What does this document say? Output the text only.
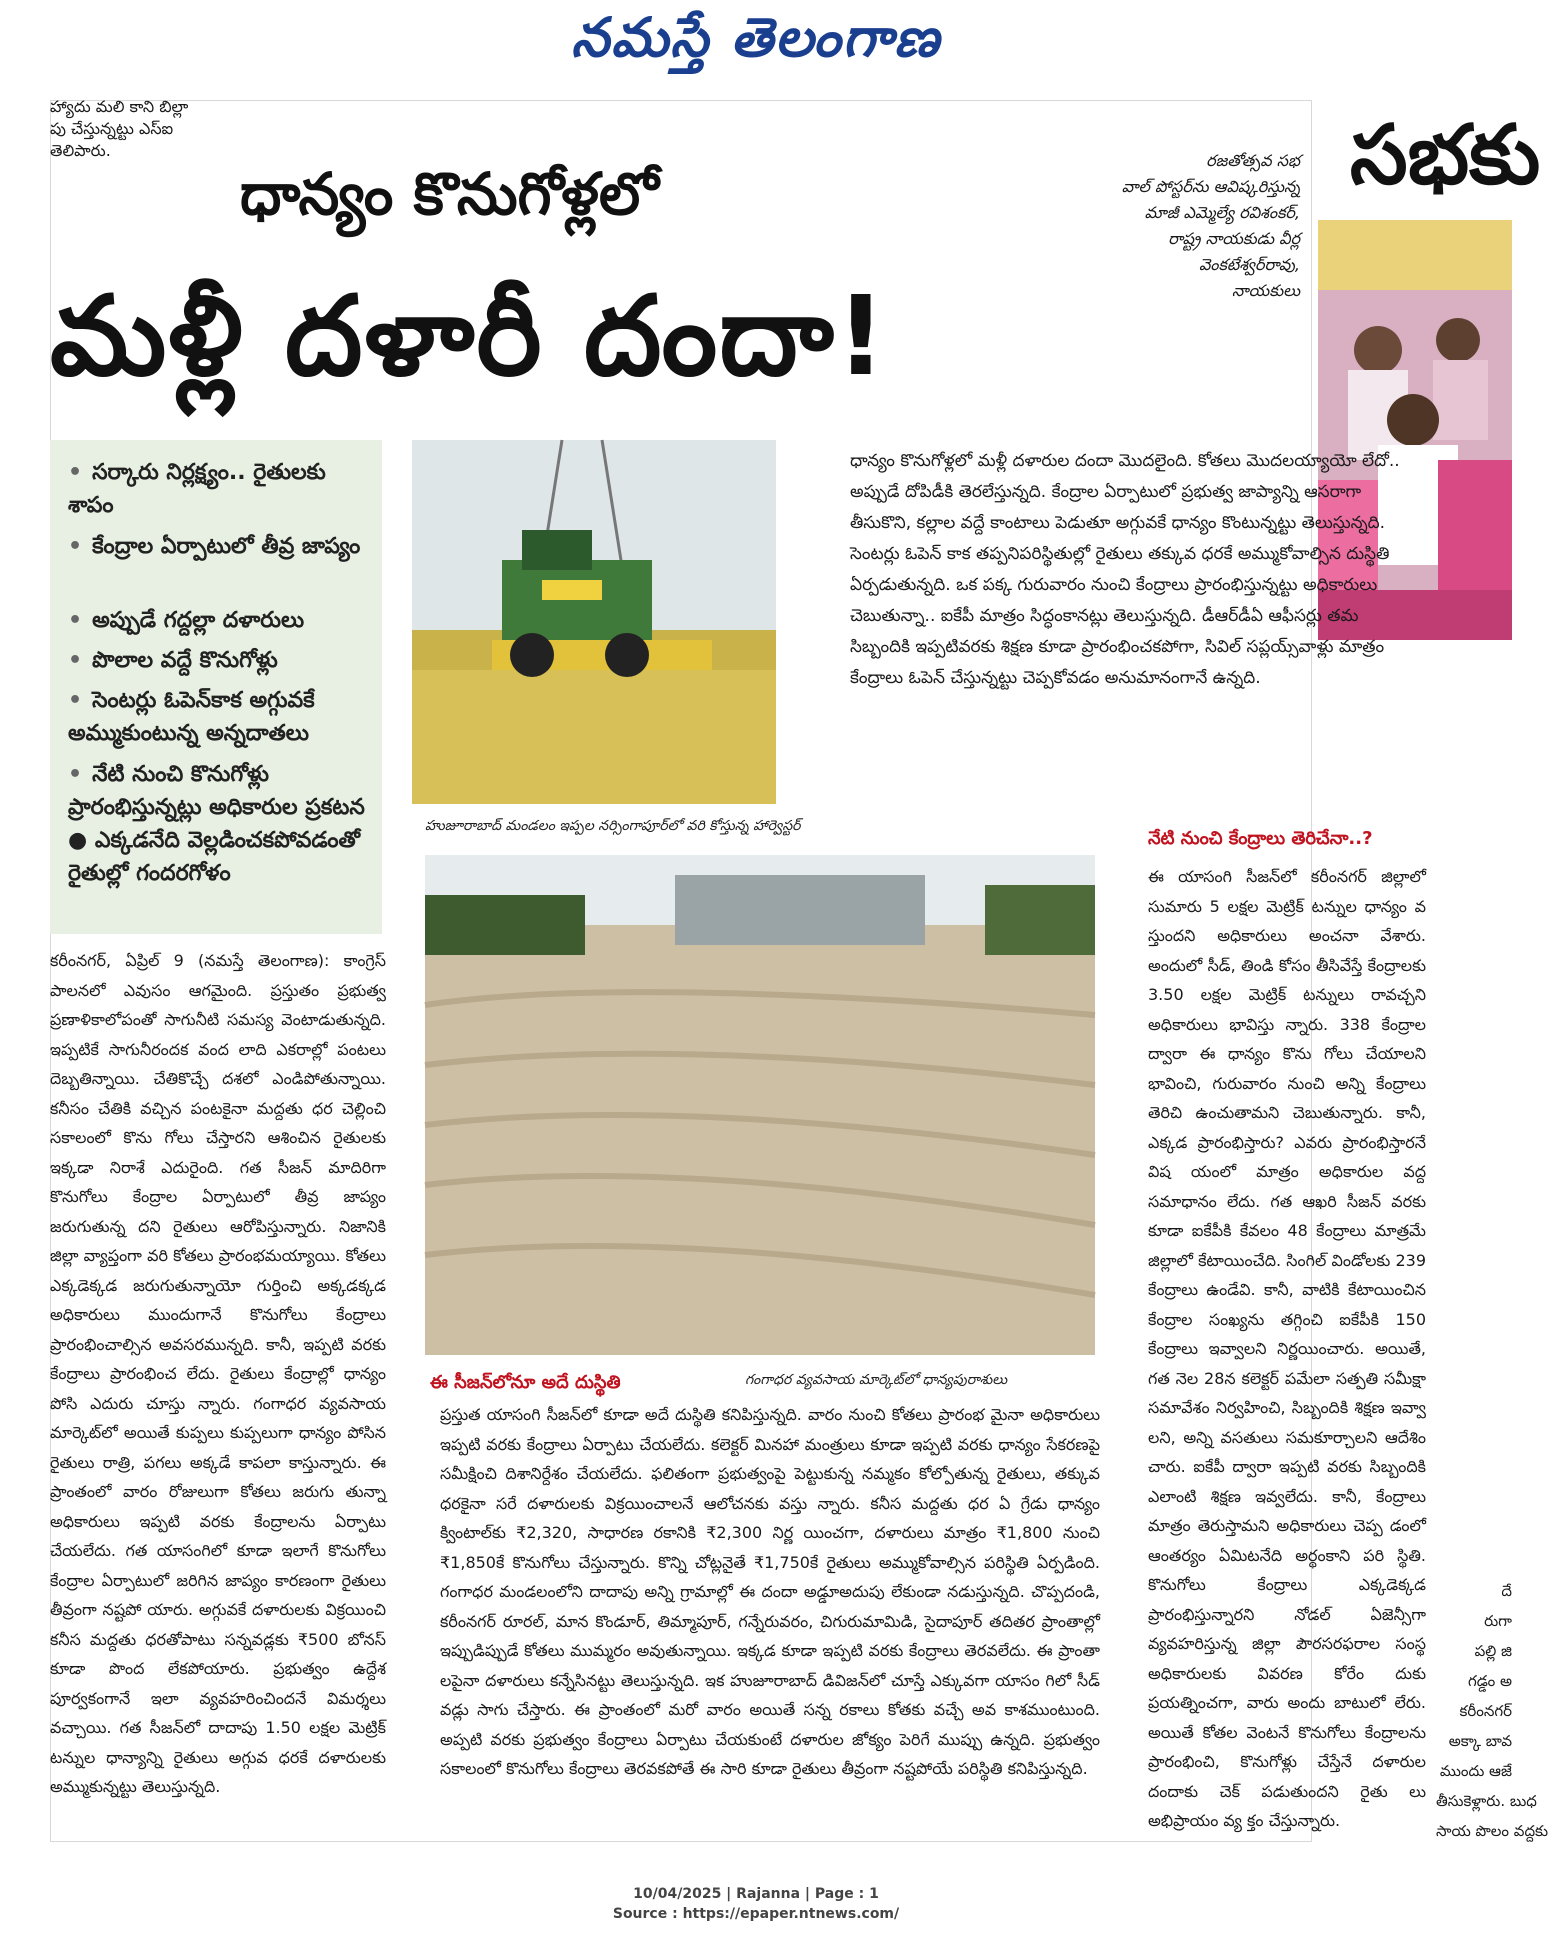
నమస్తే తెలంగాణ
హ్యాదు మలి కాని బిల్లా
పు చేస్తున్నట్టు ఎస్ఐ
తెలిపారు.
ధాన్యం కొనుగోళ్లలో
మళ్లీ దళారీ దందా!
రజతోత్సవ సభ
వాల్ పోస్టర్‌ను ఆవిష్కరిస్తున్న
మాజీ ఎమ్మెల్యే రవిశంకర్,
రాష్ట్ర నాయకుడు వీర్ల
వెంకటేశ్వర్‌రావు,
నాయకులు
సభకు
• సర్కారు నిర్లక్ష్యం.. రైతులకు శాపం
• కేంద్రాల ఏర్పాటులో తీవ్ర జాప్యం
• అప్పుడే గద్దల్లా దళారులు
• పొలాల వద్దే కొనుగోళ్లు
• సెంటర్లు ఓపెన్‌కాక అగ్గువకే అమ్ముకుంటున్న అన్నదాతలు
• నేటి నుంచి కొనుగోళ్లు ప్రారంభిస్తున్నట్లు అధికారుల ప్రకటన ● ఎక్కడనేది వెల్లడించకపోవడంతో రైతుల్లో గందరగోళం
ధాన్యం కొనుగోళ్లలో మళ్లీ దళారుల దందా మొదలైంది. కోతలు మొదలయ్యాయో లేదో.. అప్పుడే దోపిడీకి తెరలేస్తున్నది. కేంద్రాల ఏర్పాటులో ప్రభుత్వ జాప్యాన్ని ఆసరాగా తీసుకొని, కల్లాల వద్దే కాంటాలు పెడుతూ అగ్గువకే ధాన్యం కొంటున్నట్టు తెలుస్తున్నది. సెంటర్లు ఓపెన్ కాక తప్పనిపరిస్థితుల్లో రైతులు తక్కువ ధరకే అమ్ముకోవాల్సిన దుస్థితి ఏర్పడుతున్నది. ఒక పక్క గురువారం నుంచి కేంద్రాలు ప్రారంభిస్తున్నట్టు అధికారులు చెబుతున్నా.. ఐకేపీ మాత్రం సిద్ధంకానట్లు తెలుస్తున్నది. డీఆర్‌డీఏ ఆఫీసర్లు తమ సిబ్బందికి ఇప్పటివరకు శిక్షణ కూడా ప్రారంభించకపోగా, సివిల్ సప్లయ్స్‌వాళ్లు మాత్రం కేంద్రాలు ఓపెన్ చేస్తున్నట్టు చెప్పకోవడం అనుమానంగానే ఉన్నది.
హుజూరాబాద్ మండలం ఇప్పల నర్సింగాపూర్‌లో వరి కోస్తున్న హార్వెస్టర్
గంగాధర వ్యవసాయ మార్కెట్‌లో ధాన్యపురాశులు
నేటి నుంచి కేంద్రాలు తెరిచేనా..?
ఈ సీజన్‌లోనూ అదే దుస్థితి
కరీంనగర్, ఏప్రిల్ 9 (నమస్తే తెలంగాణ): కాంగ్రెస్ పాలనలో ఎవుసం ఆగమైంది. ప్రస్తుతం ప్రభుత్వ ప్రణాళికాలోపంతో సాగునీటి సమస్య వెంటాడుతున్నది. ఇప్పటికే సాగునీరందక వంద లాది ఎకరాల్లో పంటలు దెబ్బతిన్నాయి. చేతికొచ్చే దశలో ఎండిపోతున్నాయి. కనీసం చేతికి వచ్చిన పంటకైనా మద్దతు ధర చెల్లించి సకాలంలో కొను గోలు చేస్తారని ఆశించిన రైతులకు ఇక్కడా నిరాశే ఎదురైంది. గత సీజన్ మాదిరిగా కొనుగోలు కేంద్రాల ఏర్పాటులో తీవ్ర జాప్యం జరుగుతున్న దని రైతులు ఆరోపిస్తున్నారు. నిజానికి జిల్లా వ్యాప్తంగా వరి కోతలు ప్రారంభమయ్యాయి. కోతలు ఎక్కడెక్కడ జరుగుతున్నాయో గుర్తించి అక్కడక్కడ అధికారులు ముందుగానే కొనుగోలు కేంద్రాలు ప్రారంభించాల్సిన అవసరమున్నది. కానీ, ఇప్పటి వరకు కేంద్రాలు ప్రారంభించ లేదు. రైతులు కేంద్రాల్లో ధాన్యం పోసి ఎదురు చూస్తు న్నారు. గంగాధర వ్యవసాయ మార్కెట్‌లో అయితే కుప్పలు కుప్పలుగా ధాన్యం పోసిన రైతులు రాత్రి, పగలు అక్కడే కాపలా కాస్తున్నారు. ఈ ప్రాంతంలో వారం రోజులుగా కోతలు జరుగు తున్నా అధికారులు ఇప్పటి వరకు కేంద్రాలను ఏర్పాటు చేయలేదు. గత యాసంగిలో కూడా ఇలాగే కొనుగోలు కేంద్రాల ఏర్పాటులో జరిగిన జాప్యం కారణంగా రైతులు తీవ్రంగా నష్టపో యారు. అగ్గువకే దళారులకు విక్రయించి కనీస మద్దతు ధరతోపాటు సన్నవడ్లకు ₹500 బోనస్ కూడా పొంద లేకపోయారు. ప్రభుత్వం ఉద్దేశ పూర్వకంగానే ఇలా వ్యవహరించిందనే విమర్శలు వచ్చాయి. గత సీజన్‌లో దాదాపు 1.50 లక్షల మెట్రిక్ టన్నుల ధాన్యాన్ని రైతులు అగ్గువ ధరకే దళారులకు అమ్ముకున్నట్టు తెలుస్తున్నది.
ప్రస్తుత యాసంగి సీజన్‌లో కూడా అదే దుస్థితి కనిపిస్తున్నది. వారం నుంచి కోతలు ప్రారంభ మైనా అధికారులు ఇప్పటి వరకు కేంద్రాలు ఏర్పాటు చేయలేదు. కలెక్టర్ మినహా మంత్రులు కూడా ఇప్పటి వరకు ధాన్యం సేకరణపై సమీక్షించి దిశానిర్దేశం చేయలేదు. ఫలితంగా ప్రభుత్వంపై పెట్టుకున్న నమ్మకం కోల్పోతున్న రైతులు, తక్కువ ధరకైనా సరే దళారులకు విక్రయించాలనే ఆలోచనకు వస్తు న్నారు. కనీస మద్దతు ధర ఏ గ్రేడు ధాన్యం క్వింటాల్‌కు ₹2,320, సాధారణ రకానికి ₹2,300 నిర్ణ యించగా, దళారులు మాత్రం ₹1,800 నుంచి ₹1,850కే కొనుగోలు చేస్తున్నారు. కొన్ని చోట్లనైతే ₹1,750కే రైతులు అమ్ముకోవాల్సిన పరిస్థితి ఏర్పడింది. గంగాధర మండలంలోని దాదాపు అన్ని గ్రామాల్లో ఈ దందా అడ్డూఅదుపు లేకుండా నడుస్తున్నది. చొప్పదండి, కరీంనగర్ రూరల్, మాన కొండూర్, తిమ్మాపూర్, గన్నేరువరం, చిగురుమామిడి, సైదాపూర్ తదితర ప్రాంతాల్లో ఇప్పుడిప్పుడే కోతలు ముమ్మరం అవుతున్నాయి. ఇక్కడ కూడా ఇప్పటి వరకు కేంద్రాలు తెరవలేదు. ఈ ప్రాంతా లపైనా దళారులు కన్నేసినట్టు తెలుస్తున్నది. ఇక హుజూరాబాద్ డివిజన్‌లో చూస్తే ఎక్కువగా యాసం గిలో సీడ్ వడ్లు సాగు చేస్తారు. ఈ ప్రాంతంలో మరో వారం అయితే సన్న రకాలు కోతకు వచ్చే అవ కాశముంటుంది. అప్పటి వరకు ప్రభుత్వం కేంద్రాలు ఏర్పాటు చేయకుంటే దళారుల జోక్యం పెరిగే ముప్పు ఉన్నది. ప్రభుత్వం సకాలంలో కొనుగోలు కేంద్రాలు తెరవకపోతే ఈ సారి కూడా రైతులు తీవ్రంగా నష్టపోయే పరిస్థితి కనిపిస్తున్నది.
ఈ యాసంగి సీజన్‌లో కరీంనగర్ జిల్లాలో సుమారు 5 లక్షల మెట్రిక్ టన్నుల ధాన్యం వ స్తుందని అధికారులు అంచనా వేశారు. అందులో సీడ్, తిండి కోసం తీసివేస్తే కేంద్రాలకు 3.50 లక్షల మెట్రిక్ టన్నులు రావచ్చని అధికారులు భావిస్తు న్నారు. 338 కేంద్రాల ద్వారా ఈ ధాన్యం కొను గోలు చేయాలని భావించి, గురువారం నుంచి అన్ని కేంద్రాలు తెరిచి ఉంచుతామని చెబుతున్నారు. కానీ, ఎక్కడ ప్రారంభిస్తారు? ఎవరు ప్రారంభిస్తారనే విష యంలో మాత్రం అధికారుల వద్ద సమాధానం లేదు. గత ఆఖరి సీజన్ వరకు కూడా ఐకేపీకి కేవలం 48 కేంద్రాలు మాత్రమే జిల్లాలో కేటాయించేది. సింగిల్ విండోలకు 239 కేంద్రాలు ఉండేవి. కానీ, వాటికి కేటాయించిన కేంద్రాల సంఖ్యను తగ్గించి ఐకేపీకి 150 కేంద్రాలు ఇవ్వాలని నిర్ణయించారు. అయితే, గత నెల 28న కలెక్టర్ పమేలా సత్పతి సమీక్షా సమావేశం నిర్వహించి, సిబ్బందికి శిక్షణ ఇవ్వా లని, అన్ని వసతులు సమకూర్చాలని ఆదేశిం చారు. ఐకేపీ ద్వారా ఇప్పటి వరకు సిబ్బందికి ఎలాంటి శిక్షణ ఇవ్వలేదు. కానీ, కేంద్రాలు మాత్రం తెరుస్తామని అధికారులు చెప్ప డంలో ఆంతర్యం ఏమిటనేది అర్థంకాని పరి స్థితి. కొనుగోలు కేంద్రాలు ఎక్కడెక్కడ ప్రారంభిస్తున్నారని నోడల్ ఏజెన్సీగా వ్యవహరిస్తున్న జిల్లా పౌరసరఫరాల సంస్థ అధికారులకు వివరణ కోరేం దుకు ప్రయత్నించగా, వారు అందు బాటులో లేరు. అయితే కోతల వెంటనే కొనుగోలు కేంద్రాలను ప్రారంభించి, కొనుగోళ్లు చేస్తేనే దళారుల దందాకు చెక్ పడుతుందని రైతు లు అభిప్రాయం వ్య క్తం చేస్తున్నారు.
దే
రుగా
పల్లి జి
గడ్డం అ
కరీంనగర్
అక్కా బావ
ముందు ఆజే
తీసుకెళ్లారు. బుధ
సాయ పొలం వద్దకు
10/04/2025 | Rajanna | Page : 1
Source : https://epaper.ntnews.com/
